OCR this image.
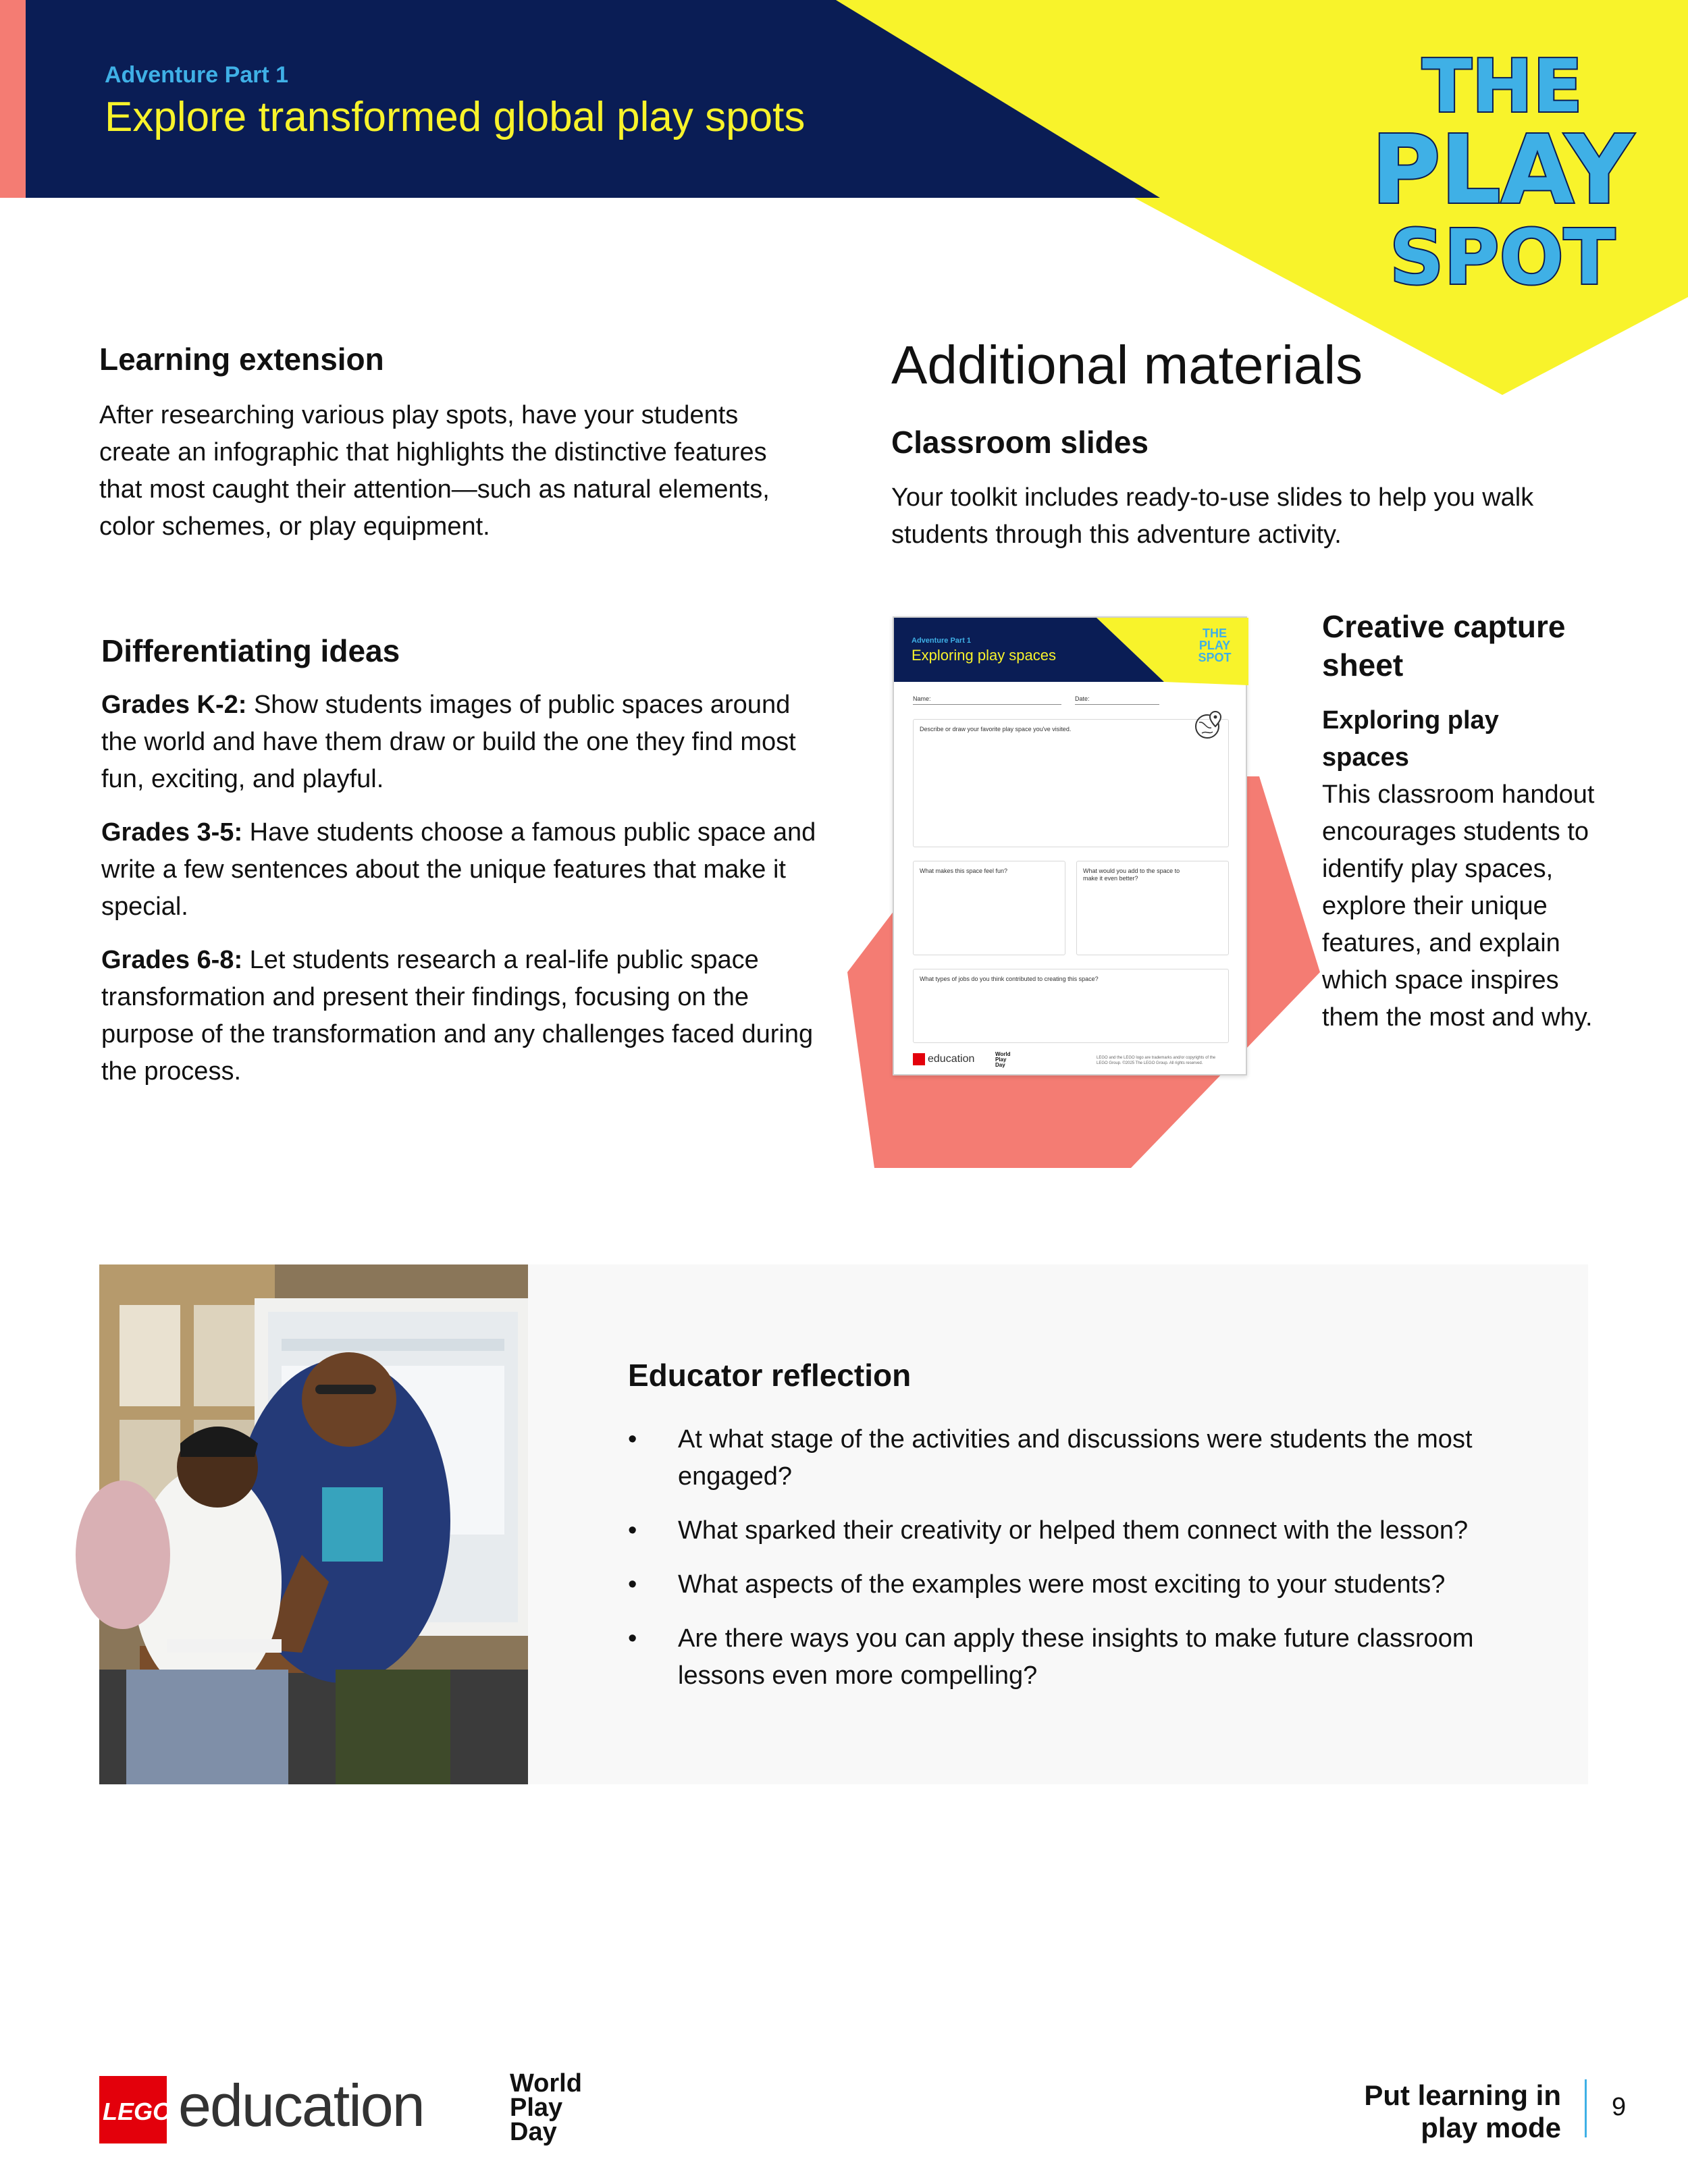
Adventure Part 1
Explore transformed global play spots	THE
PLAY
SPOT
Learning extension
After researching various play spots, have your students create an infographic that highlights the distinctive features that most caught their attention—such as natural elements, color schemes, or play equipment.
Differentiating ideas
Grades K-2: Show students images of public spaces around the world and have them draw or build the one they find most fun, exciting, and playful.
Grades 3-5: Have students choose a famous public space and write a few sentences about the unique features that make it special.
Grades 6-8: Let students research a real-life public space transformation and present their findings, focusing on the purpose of the transformation and any challenges faced during the process.
Additional materials
Classroom slides
Your toolkit includes ready-to-use slides to help you walk students through this adventure activity.
Adventure Part 1
Exploring play spaces
THE
PLAY
SPOT
Name:	Date:
Describe or draw your favorite play space you've visited.
What makes this space feel fun?	What would you add to the space to make it even better?
What types of jobs do you think contributed to creating this space?
education	World
Play
Day
LEGO and the LEGO logo are trademarks and/or copyrights of the LEGO Group. ©2025 The LEGO Group. All rights reserved.
Creative capture sheet
Exploring play spaces
This classroom handout encourages students to identify play spaces, explore their unique features, and explain which space inspires them the most and why.
Educator reflection
• At what stage of the activities and discussions were students the most engaged?
• What sparked their creativity or helped them connect with the lesson?
• What aspects of the examples were most exciting to your students?
• Are there ways you can apply these insights to make future classroom lessons even more compelling?
LEGO education	World
Play
Day
Put learning in
play mode
9
